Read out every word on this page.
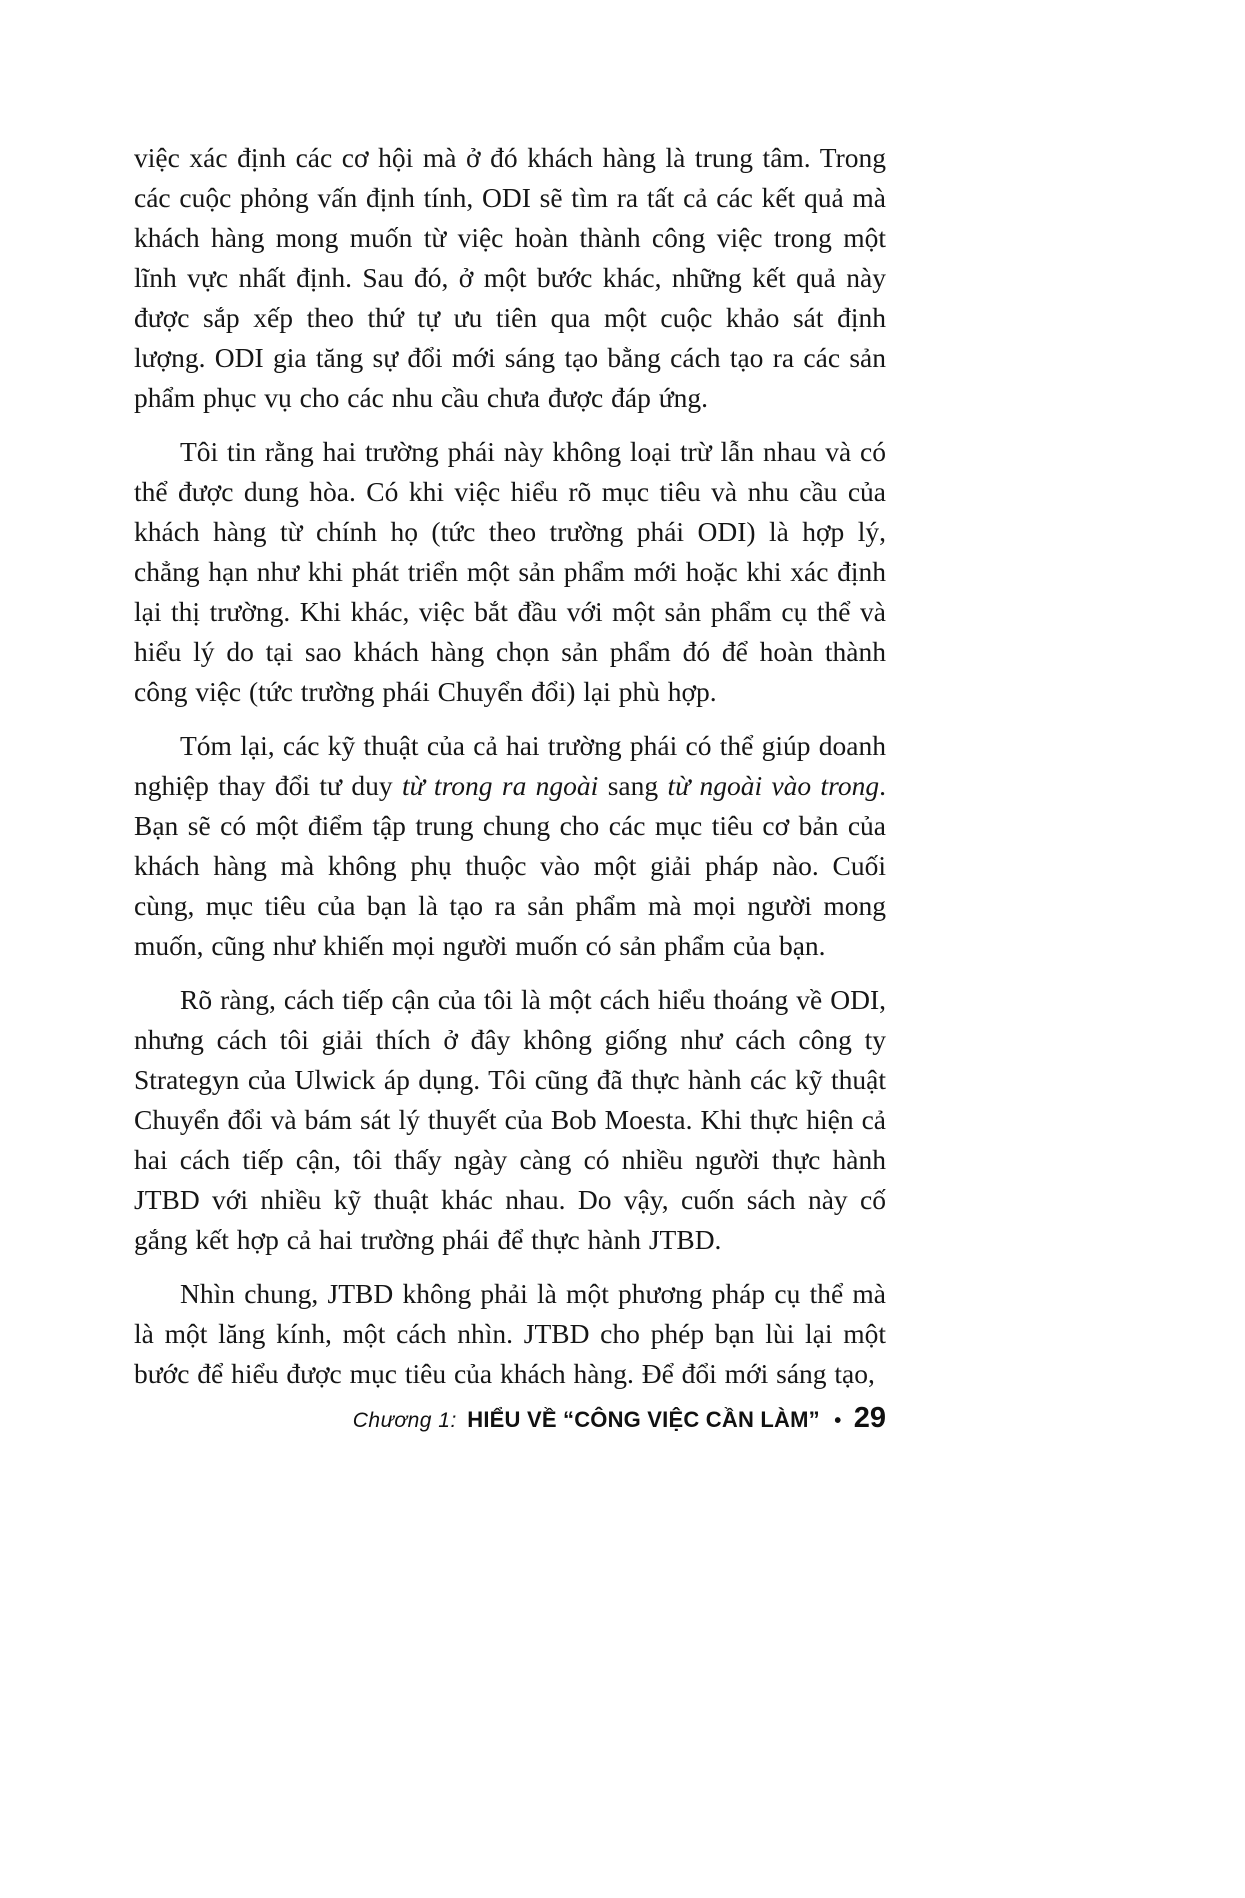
việc xác định các cơ hội mà ở đó khách hàng là trung tâm. Trong các cuộc phỏng vấn định tính, ODI sẽ tìm ra tất cả các kết quả mà khách hàng mong muốn từ việc hoàn thành công việc trong một lĩnh vực nhất định. Sau đó, ở một bước khác, những kết quả này được sắp xếp theo thứ tự ưu tiên qua một cuộc khảo sát định lượng. ODI gia tăng sự đổi mới sáng tạo bằng cách tạo ra các sản phẩm phục vụ cho các nhu cầu chưa được đáp ứng.

Tôi tin rằng hai trường phái này không loại trừ lẫn nhau và có thể được dung hòa. Có khi việc hiểu rõ mục tiêu và nhu cầu của khách hàng từ chính họ (tức theo trường phái ODI) là hợp lý, chẳng hạn như khi phát triển một sản phẩm mới hoặc khi xác định lại thị trường. Khi khác, việc bắt đầu với một sản phẩm cụ thể và hiểu lý do tại sao khách hàng chọn sản phẩm đó để hoàn thành công việc (tức trường phái Chuyển đổi) lại phù hợp.

Tóm lại, các kỹ thuật của cả hai trường phái có thể giúp doanh nghiệp thay đổi tư duy từ trong ra ngoài sang từ ngoài vào trong. Bạn sẽ có một điểm tập trung chung cho các mục tiêu cơ bản của khách hàng mà không phụ thuộc vào một giải pháp nào. Cuối cùng, mục tiêu của bạn là tạo ra sản phẩm mà mọi người mong muốn, cũng như khiến mọi người muốn có sản phẩm của bạn.

Rõ ràng, cách tiếp cận của tôi là một cách hiểu thoáng về ODI, nhưng cách tôi giải thích ở đây không giống như cách công ty Strategyn của Ulwick áp dụng. Tôi cũng đã thực hành các kỹ thuật Chuyển đổi và bám sát lý thuyết của Bob Moesta. Khi thực hiện cả hai cách tiếp cận, tôi thấy ngày càng có nhiều người thực hành JTBD với nhiều kỹ thuật khác nhau. Do vậy, cuốn sách này cố gắng kết hợp cả hai trường phái để thực hành JTBD.

Nhìn chung, JTBD không phải là một phương pháp cụ thể mà là một lăng kính, một cách nhìn. JTBD cho phép bạn lùi lại một bước để hiểu được mục tiêu của khách hàng. Để đổi mới sáng tạo,

Chương 1: HIỂU VỀ “CÔNG VIỆC CẦN LÀM” • 29
